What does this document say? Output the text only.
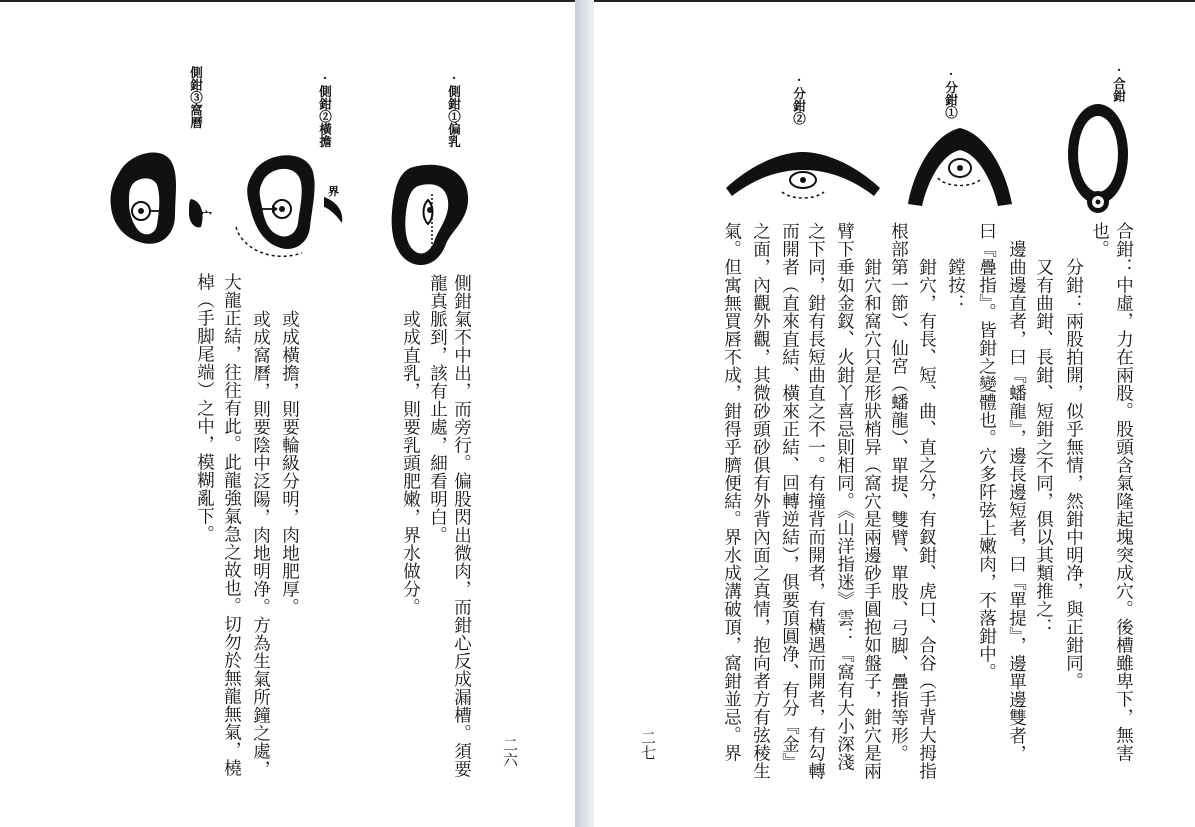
·側鉗①偏乳
·側鉗②橫擔
側鉗③窩曆
界
宀
側鉗氣不中出，而旁行。偏股閃出微肉，而鉗心反成漏槽。須要
龍真脈到，該有止處，細看明白。
或成直乳，則要乳頭肥嫩，界水做分。
或成橫擔，則要輪級分明，肉地肥厚。
或成窩曆，則要陰中泛陽，肉地明净。方為生氣所鐘之處，
大龍正結，往往有此。此龍強氣急之故也。切勿於無龍無氣，橈
棹（手脚尾端）之中，模糊亂下。
二六
·合鉗
·分鉗①
·分鉗②
合鉗：中虛，力在兩股。股頭含氣隆起塊突成穴。後槽雖卑下，無害
也。
分鉗：兩股拍開，似乎無情，然鉗中明净，與正鉗同。
又有曲鉗、長鉗、短鉗之不同，俱以其類推之：
邊曲邊直者，曰『蟠龍』，邊長邊短者，曰『單提』，邊單邊雙者，
曰『疊指』。皆鉗之變體也。穴多阡弦上嫩肉，不落鉗中。
鏜按：
鉗穴，有長、短、曲、直之分，有釵鉗、虎口、合谷（手背大拇指
根部第一節）、仙宮（蟠龍）、單提、雙臂、單股、弓脚、疊指等形。
鉗穴和窩穴只是形狀梢异（窩穴是兩邊砂手圓抱如盤子，鉗穴是兩
臂下垂如金釵、火鉗丫喜忌則相同。《山洋指迷》雲：『窩有大小深淺
之下同，鉗有長短曲直之不一。有撞背而開者，有橫遇而開者，有勾轉
而開者（直來直結、橫來正結、回轉逆結），俱要頂圓净、有分『金』
之面，內觀外觀，其微砂頭砂俱有外背內面之真情，抱向者方有弦稜生
氣。但寓無買唇不成，鉗得乎臍便結。界水成溝破頂，窩鉗並忌。界
二七
